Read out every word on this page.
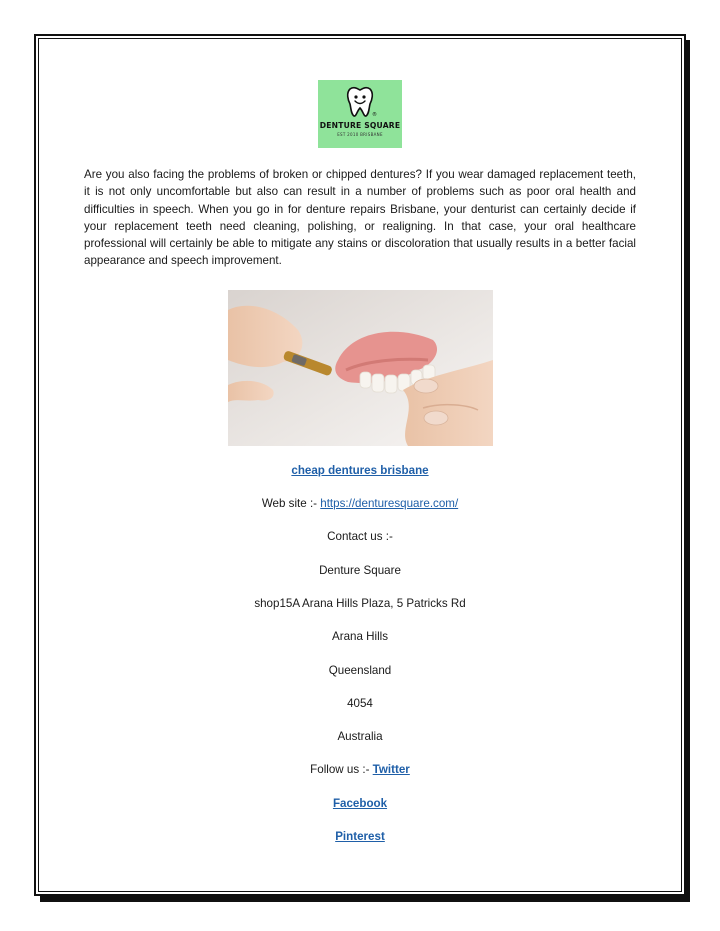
®
DENTURE SQUARE
EST 2010 BRISBANE

Are you also facing the problems of broken or chipped dentures? If you wear damaged replacement teeth, it is not only uncomfortable but also can result in a number of problems such as poor oral health and difficulties in speech. When you go in for denture repairs Brisbane, your denturist can certainly decide if your replacement teeth need cleaning, polishing, or realigning. In that case, your oral healthcare professional will certainly be able to mitigate any stains or discoloration that usually results in a better facial appearance and speech improvement.

cheap dentures brisbane
Web site :- https://denturesquare.com/
Contact us :-
Denture Square
shop15A Arana Hills Plaza, 5 Patricks Rd
Arana Hills
Queensland
4054
Australia
Follow us :- Twitter
Facebook
Pinterest
